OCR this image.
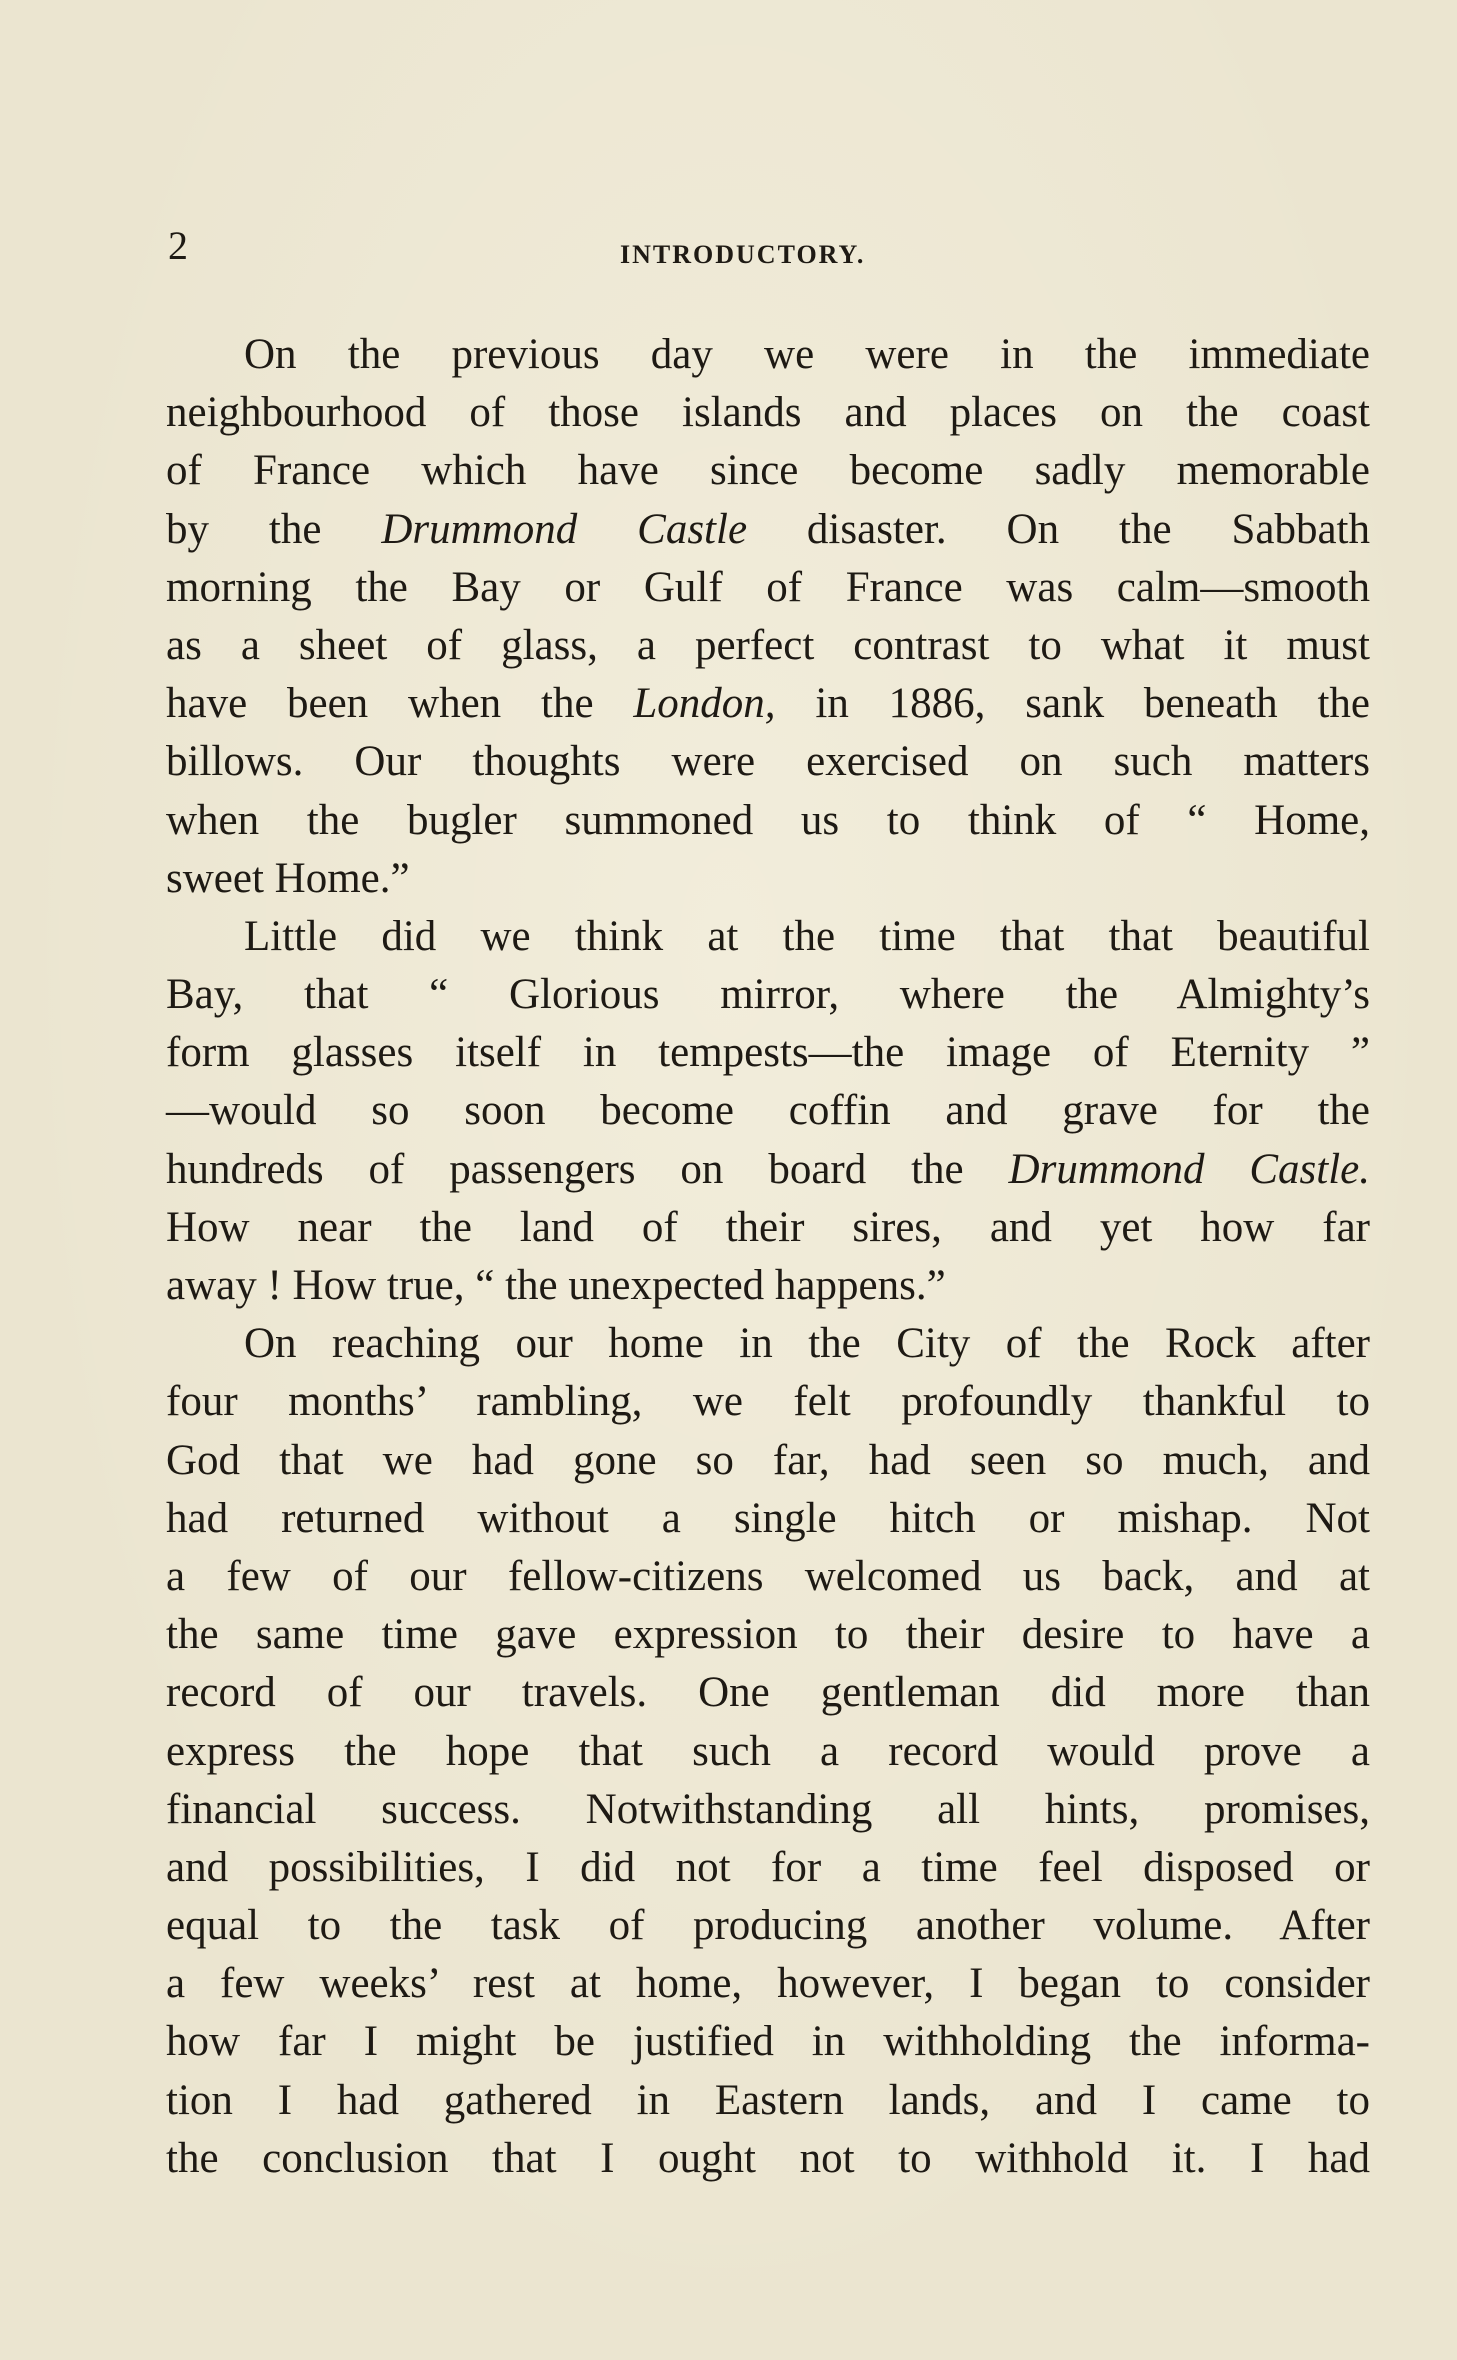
2	INTRODUCTORY.
On the previous day we were in the immediate
neighbourhood of those islands and places on the coast
of France which have since become sadly memorable
by the Drummond Castle disaster. On the Sabbath
morning the Bay or Gulf of France was calm—smooth
as a sheet of glass, a perfect contrast to what it must
have been when the London, in 1886, sank beneath the
billows. Our thoughts were exercised on such matters
when the bugler summoned us to think of “ Home,
sweet Home.”
Little did we think at the time that that beautiful
Bay, that “ Glorious mirror, where the Almighty’s
form glasses itself in tempests—the image of Eternity ”
—would so soon become coffin and grave for the
hundreds of passengers on board the Drummond Castle.
How near the land of their sires, and yet how far
away ! How true, “ the unexpected happens.”
On reaching our home in the City of the Rock after
four months’ rambling, we felt profoundly thankful to
God that we had gone so far, had seen so much, and
had returned without a single hitch or mishap. Not
a few of our fellow-citizens welcomed us back, and at
the same time gave expression to their desire to have a
record of our travels. One gentleman did more than
express the hope that such a record would prove a
financial success. Notwithstanding all hints, promises,
and possibilities, I did not for a time feel disposed or
equal to the task of producing another volume. After
a few weeks’ rest at home, however, I began to consider
how far I might be justified in withholding the informa-
tion I had gathered in Eastern lands, and I came to
the conclusion that I ought not to withhold it. I had
